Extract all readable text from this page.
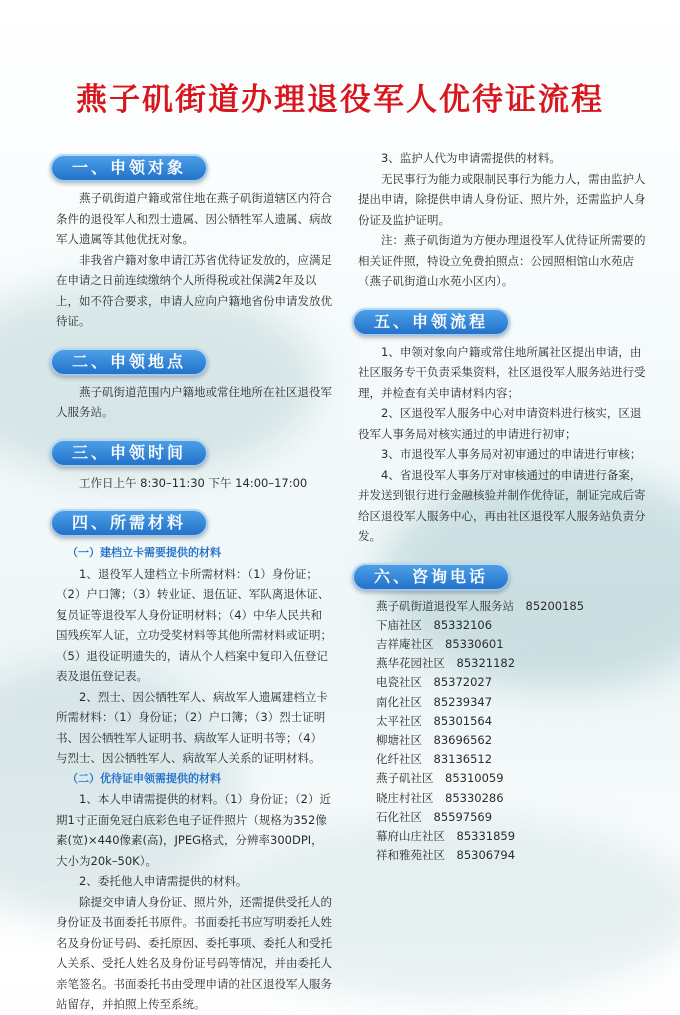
燕子矶街道办理退役军人优待证流程
一、申领对象

燕子矶街道户籍或常住地在燕子矶街道辖区内符合条件的退役军人和烈士遗属、因公牺牲军人遗属、病故军人遗属等其他优抚对象。

非我省户籍对象申请江苏省优待证发放的，应满足在申请之日前连续缴纳个人所得税或社保满2年及以上，如不符合要求，申请人应向户籍地省份申请发放优待证。

二、申领地点

燕子矶街道范围内户籍地或常住地所在社区退役军人服务站。

三、申领时间

工作日上午 8:30–11:30 下午 14:00–17:00

四、所需材料

（一）建档立卡需要提供的材料

1、退役军人建档立卡所需材料：（1）身份证；（2）户口簿；（3）转业证、退伍证、军队离退休证、复员证等退役军人身份证明材料；（4）中华人民共和国残疾军人证，立功受奖材料等其他所需材料或证明；（5）退役证明遗失的，请从个人档案中复印入伍登记表及退伍登记表。

2、烈士、因公牺牲军人、病故军人遗属建档立卡所需材料：（1）身份证；（2）户口簿；（3）烈士证明书、因公牺牲军人证明书、病故军人证明书等；（4）与烈士、因公牺牲军人、病故军人关系的证明材料。

（二）优待证申领需提供的材料

1、本人申请需提供的材料。（1）身份证；（2）近期1寸正面免冠白底彩色电子证件照片（规格为352像素(宽)×440像素(高)，JPEG格式，分辨率300DPI，大小为20k–50K）。

2、委托他人申请需提供的材料。

除提交申请人身份证、照片外，还需提供受托人的身份证及书面委托书原件。书面委托书应写明委托人姓名及身份证号码、委托原因、委托事项、委托人和受托人关系、受托人姓名及身份证号码等情况，并由委托人亲笔签名。书面委托书由受理申请的社区退役军人服务站留存，并拍照上传至系统。

3、监护人代为申请需提供的材料。

无民事行为能力或限制民事行为能力人，需由监护人提出申请，除提供申请人身份证、照片外，还需监护人身份证及监护证明。

注：燕子矶街道为方便办理退役军人优待证所需要的相关证件照，特设立免费拍照点：公园照相馆山水苑店（燕子矶街道山水苑小区内）。

五、申领流程

1、申领对象向户籍或常住地所属社区提出申请，由社区服务专干负责采集资料，社区退役军人服务站进行受理，并检查有关申请材料内容；

2、区退役军人服务中心对申请资料进行核实，区退役军人事务局对核实通过的申请进行初审；

3、市退役军人事务局对初审通过的申请进行审核；

4、省退役军人事务厅对审核通过的申请进行备案，并发送到银行进行金融核验并制作优待证，制证完成后寄给区退役军人服务中心，再由社区退役军人服务站负责分发。

六、咨询电话
燕子矶街道退役军人服务站　85200185
下庙社区　85332106
吉祥庵社区　85330601
燕华花园社区　85321182
电瓷社区　85372027
南化社区　85239347
太平社区　85301564
柳塘社区　83696562
化纤社区　83136512
燕子矶社区　85310059
晓庄村社区　85330286
石化社区　85597569
幕府山庄社区　85331859
祥和雅苑社区　85306794
